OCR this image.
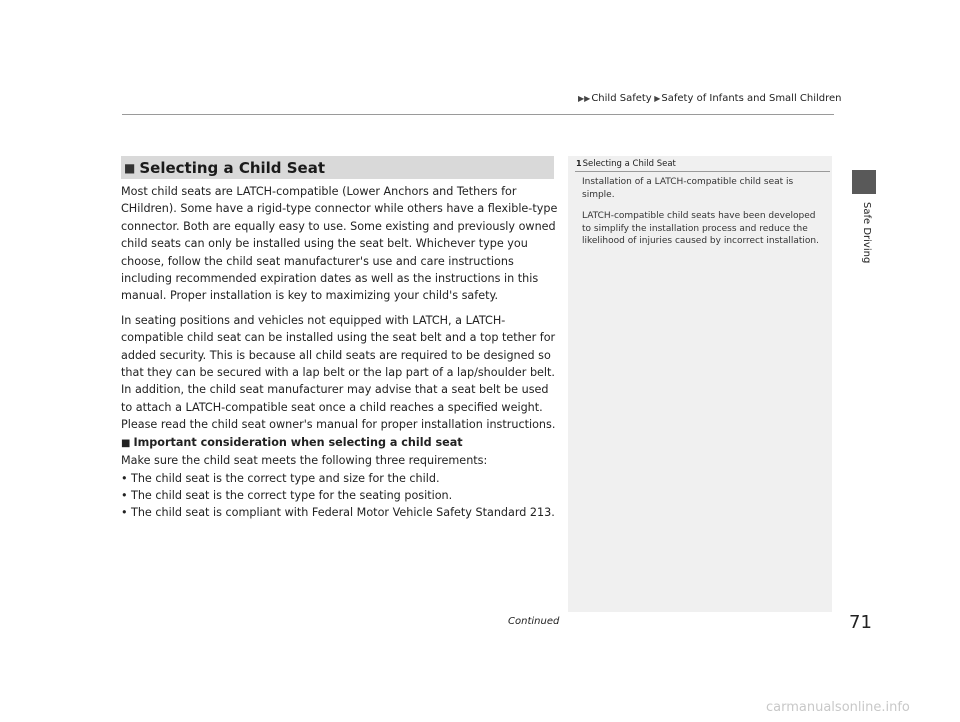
▶▶Child Safety ▶Safety of Infants and Small Children
■ Selecting a Child Seat

Most child seats are LATCH-compatible (Lower Anchors and Tethers for CHildren). Some have a rigid-type connector while others have a flexible-type connector. Both are equally easy to use. Some existing and previously owned child seats can only be installed using the seat belt. Whichever type you choose, follow the child seat manufacturer's use and care instructions including recommended expiration dates as well as the instructions in this manual. Proper installation is key to maximizing your child's safety.

In seating positions and vehicles not equipped with LATCH, a LATCH-compatible child seat can be installed using the seat belt and a top tether for added security. This is because all child seats are required to be designed so that they can be secured with a lap belt or the lap part of a lap/shoulder belt. In addition, the child seat manufacturer may advise that a seat belt be used to attach a LATCH-compatible seat once a child reaches a specified weight. Please read the child seat owner's manual for proper installation instructions.

■ Important consideration when selecting a child seat

Make sure the child seat meets the following three requirements:

• The child seat is the correct type and size for the child.

• The child seat is the correct type for the seating position.

• The child seat is compliant with Federal Motor Vehicle Safety Standard 213.

1Selecting a Child Seat

Installation of a LATCH-compatible child seat is simple.

LATCH-compatible child seats have been developed to simplify the installation process and reduce the likelihood of injuries caused by incorrect installation.	Safe Driving
Continued	71
carmanualsonline.info
